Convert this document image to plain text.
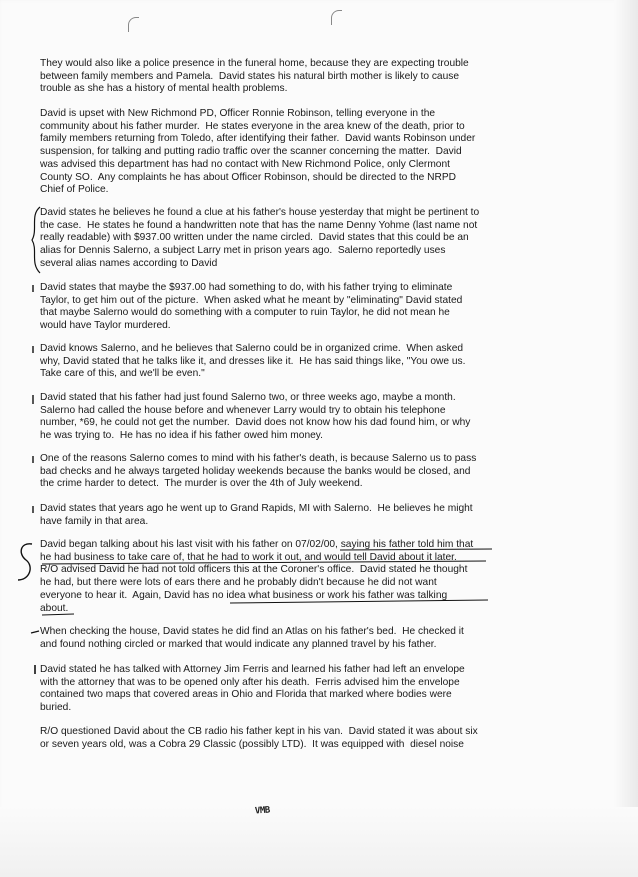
They would also like a police presence in the funeral home, because they are expecting trouble
between family members and Pamela.  David states his natural birth mother is likely to cause
trouble as she has a history of mental health problems.

David is upset with New Richmond PD, Officer Ronnie Robinson, telling everyone in the
community about his father murder.  He states everyone in the area knew of the death, prior to
family members returning from Toledo, after identifying their father.  David wants Robinson under
suspension, for talking and putting radio traffic over the scanner concerning the matter.  David
was advised this department has had no contact with New Richmond Police, only Clermont
County SO.  Any complaints he has about Officer Robinson, should be directed to the NRPD
Chief of Police.

David states he believes he found a clue at his father's house yesterday that might be pertinent to
the case.  He states he found a handwritten note that has the name Denny Yohme (last name not
really readable) with $937.00 written under the name circled.  David states that this could be an
alias for Dennis Salerno, a subject Larry met in prison years ago.  Salerno reportedly uses
several alias names according to David

David states that maybe the $937.00 had something to do, with his father trying to eliminate
Taylor, to get him out of the picture.  When asked what he meant by "eliminating" David stated
that maybe Salerno would do something with a computer to ruin Taylor, he did not mean he
would have Taylor murdered.

David knows Salerno, and he believes that Salerno could be in organized crime.  When asked
why, David stated that he talks like it, and dresses like it.  He has said things like, "You owe us.
Take care of this, and we'll be even."

David stated that his father had just found Salerno two, or three weeks ago, maybe a month.
Salerno had called the house before and whenever Larry would try to obtain his telephone
number, *69, he could not get the number.  David does not know how his dad found him, or why
he was trying to.  He has no idea if his father owed him money.

One of the reasons Salerno comes to mind with his father's death, is because Salerno us to pass
bad checks and he always targeted holiday weekends because the banks would be closed, and
the crime harder to detect.  The murder is over the 4th of July weekend.

David states that years ago he went up to Grand Rapids, MI with Salerno.  He believes he might
have family in that area.

David began talking about his last visit with his father on 07/02/00, saying his father told him that
he had business to take care of, that he had to work it out, and would tell David about it later.
R/O advised David he had not told officers this at the Coroner's office.  David stated he thought
he had, but there were lots of ears there and he probably didn't because he did not want
everyone to hear it.  Again, David has no idea what business or work his father was talking
about.

When checking the house, David states he did find an Atlas on his father's bed.  He checked it
and found nothing circled or marked that would indicate any planned travel by his father.

David stated he has talked with Attorney Jim Ferris and learned his father had left an envelope
with the attorney that was to be opened only after his death.  Ferris advised him the envelope
contained two maps that covered areas in Ohio and Florida that marked where bodies were
buried.

R/O questioned David about the CB radio his father kept in his van.  David stated it was about six
or seven years old, was a Cobra 29 Classic (possibly LTD).  It was equipped with  diesel noise

VMB
